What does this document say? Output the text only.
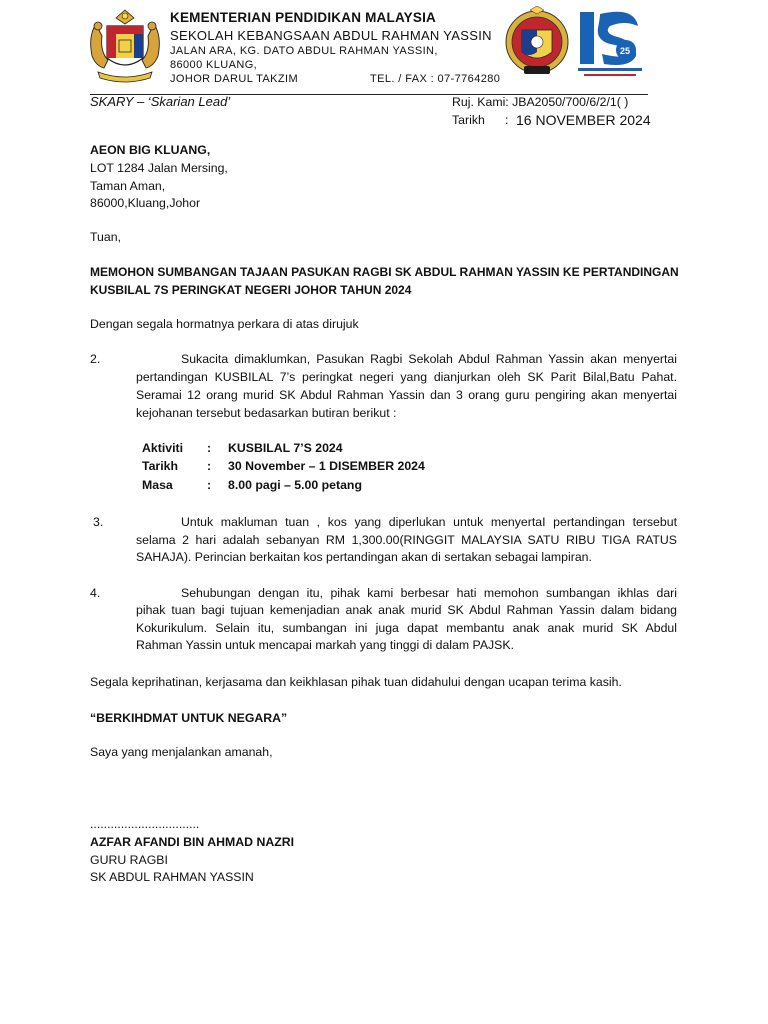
KEMENTERIAN PENDIDIKAN MALAYSIA
SEKOLAH KEBANGSAAN ABDUL RAHMAN YASSIN
JALAN ARA, KG. DATO ABDUL RAHMAN YASSIN,
86000 KLUANG,
JOHOR DARUL TAKZIM	TEL. / FAX : 07-7764280
25
SKARY – ‘Skarian Lead’	Ruj. Kami: JBA2050/700/6/2/1( )
Tarikh : 16 NOVEMBER 2024
AEON BIG KLUANG,
LOT 1284 Jalan Mersing,
Taman Aman,
86000,Kluang,Johor
Tuan,
MEMOHON SUMBANGAN TAJAAN PASUKAN RAGBI SK ABDUL RAHMAN YASSIN KE PERTANDINGAN
KUSBILAL 7S PERINGKAT NEGERI JOHOR TAHUN 2024
Dengan segala hormatnya perkara di atas dirujuk
2.	Sukacita dimaklumkan, Pasukan Ragbi Sekolah Abdul Rahman Yassin akan menyertai
pertandingan KUSBILAL 7’s peringkat negeri yang dianjurkan oleh SK Parit Bilal,Batu Pahat.
Seramai 12 orang murid SK Abdul Rahman Yassin dan 3 orang guru pengiring akan menyertai
kejohanan tersebut bedasarkan butiran berikut :
Aktiviti	: KUSBILAL 7’S 2024
Tarikh	: 30 November – 1 DISEMBER 2024
Masa	: 8.00 pagi – 5.00 petang
3.	Untuk makluman tuan , kos yang diperlukan untuk menyertaI pertandingan tersebut
selama 2 hari adalah sebanyan RM 1,300.00(RINGGIT MALAYSIA SATU RIBU TIGA RATUS
SAHAJA). Perincian berkaitan kos pertandingan akan di sertakan sebagai lampiran.
4.	Sehubungan dengan itu, pihak kami berbesar hati memohon sumbangan ikhlas dari
pihak tuan bagi tujuan kemenjadian anak anak murid SK Abdul Rahman Yassin dalam bidang
Kokurikulum. Selain itu, sumbangan ini juga dapat membantu anak anak murid SK Abdul
Rahman Yassin untuk mencapai markah yang tinggi di dalam PAJSK.
Segala keprihatinan, kerjasama dan keikhlasan pihak tuan didahului dengan ucapan terima kasih.
“BERKIHDMAT UNTUK NEGARA”
Saya yang menjalankan amanah,
................................
AZFAR AFANDI BIN AHMAD NAZRI
GURU RAGBI
SK ABDUL RAHMAN YASSIN
